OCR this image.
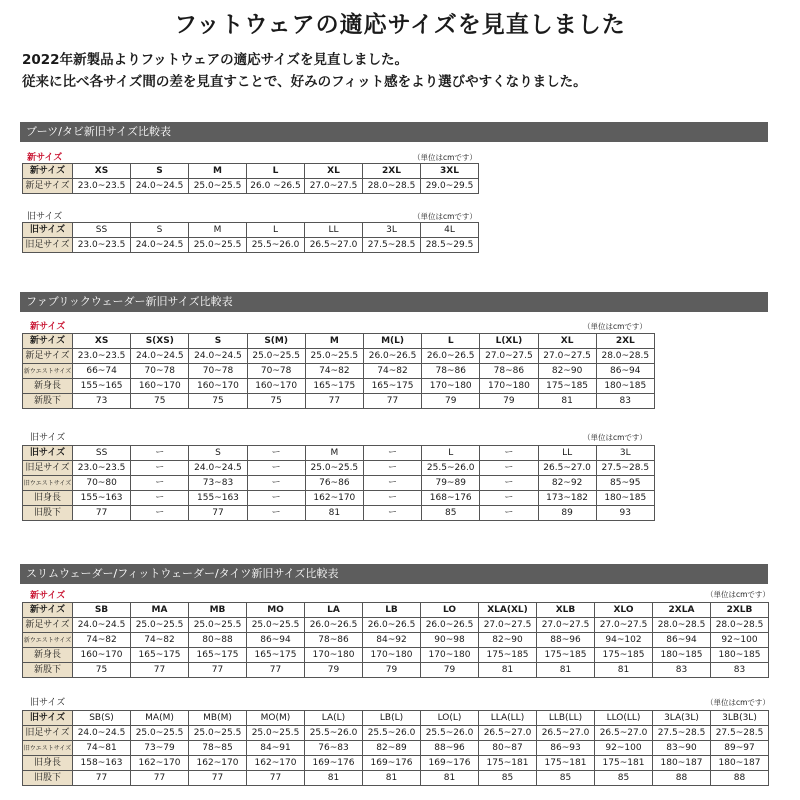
フットウェアの適応サイズを見直しました
2022年新製品よりフットウェアの適応サイズを見直しました。
従来に比べ各サイズ間の差を見直すことで、好みのフィット感をより選びやすくなりました。
ブーツ/タビ新旧サイズ比較表
新サイズ	（単位はcmです）
新サイズ	XS	S	M	L	XL	2XL	3XL
新足サイズ	23.0~23.5	24.0~24.5	25.0~25.5	26.0 ~26.5	27.0~27.5	28.0~28.5	29.0~29.5
旧サイズ	（単位はcmです）
旧サイズ	SS	S	M	L	LL	3L	4L
旧足サイズ	23.0~23.5	24.0~24.5	25.0~25.5	25.5~26.0	26.5~27.0	27.5~28.5	28.5~29.5
ファブリックウェーダー新旧サイズ比較表
新サイズ	（単位はcmです）
新サイズ	XS	S(XS)	S	S(M)	M	M(L)	L	L(XL)	XL	2XL
新足サイズ	23.0~23.5	24.0~24.5	24.0~24.5	25.0~25.5	25.0~25.5	26.0~26.5	26.0~26.5	27.0~27.5	27.0~27.5	28.0~28.5
新ウエストサイズ	66~74	70~78	70~78	70~78	74~82	74~82	78~86	78~86	82~90	86~94
新身長	155~165	160~170	160~170	160~170	165~175	165~175	170~180	170~180	175~185	180~185
新股下	73	75	75	75	77	77	79	79	81	83
旧サイズ	（単位はcmです）
旧サイズ	SS	ー	S	ー	M	ー	L	ー	LL	3L
旧足サイズ	23.0~23.5	ー	24.0~24.5	ー	25.0~25.5	ー	25.5~26.0	ー	26.5~27.0	27.5~28.5
旧ウエストサイズ	70~80	ー	73~83	ー	76~86	ー	79~89	ー	82~92	85~95
旧身長	155~163	ー	155~163	ー	162~170	ー	168~176	ー	173~182	180~185
旧股下	77	ー	77	ー	81	ー	85	ー	89	93
スリムウェーダー/フィットウェーダー/タイツ新旧サイズ比較表
新サイズ	（単位はcmです）
新サイズ	SB	MA	MB	MO	LA	LB	LO	XLA(XL)	XLB	XLO	2XLA	2XLB
新足サイズ	24.0~24.5	25.0~25.5	25.0~25.5	25.0~25.5	26.0~26.5	26.0~26.5	26.0~26.5	27.0~27.5	27.0~27.5	27.0~27.5	28.0~28.5	28.0~28.5
新ウエストサイズ	74~82	74~82	80~88	86~94	78~86	84~92	90~98	82~90	88~96	94~102	86~94	92~100
新身長	160~170	165~175	165~175	165~175	170~180	170~180	170~180	175~185	175~185	175~185	180~185	180~185
新股下	75	77	77	77	79	79	79	81	81	81	83	83
旧サイズ	（単位はcmです）
旧サイズ	SB(S)	MA(M)	MB(M)	MO(M)	LA(L)	LB(L)	LO(L)	LLA(LL)	LLB(LL)	LLO(LL)	3LA(3L)	3LB(3L)
旧足サイズ	24.0~24.5	25.0~25.5	25.0~25.5	25.0~25.5	25.5~26.0	25.5~26.0	25.5~26.0	26.5~27.0	26.5~27.0	26.5~27.0	27.5~28.5	27.5~28.5
旧ウエストサイズ	74~81	73~79	78~85	84~91	76~83	82~89	88~96	80~87	86~93	92~100	83~90	89~97
旧身長	158~163	162~170	162~170	162~170	169~176	169~176	169~176	175~181	175~181	175~181	180~187	180~187
旧股下	77	77	77	77	81	81	81	85	85	85	88	88
